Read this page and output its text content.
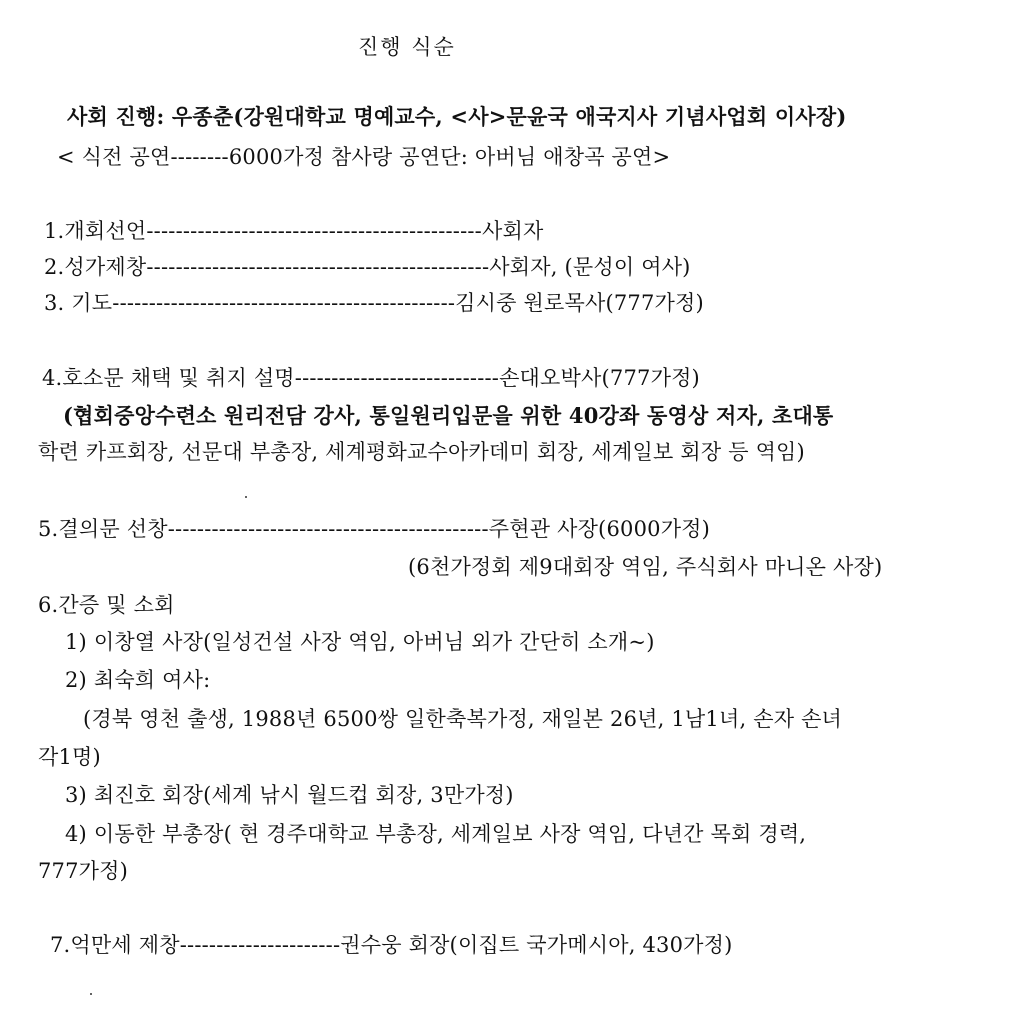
진행 식순
사회 진행: 우종춘(강원대학교 명예교수, <사>문윤국 애국지사 기념사업회 이사장)
< 식전 공연--------6000가정 참사랑 공연단: 아버님 애창곡 공연>
1.개회선언----------------------------------------------사회자
2.성가제창-----------------------------------------------사회자, (문성이 여사)
3. 기도-----------------------------------------------김시중 원로목사(777가정)
4.호소문 채택 및 취지 설명----------------------------손대오박사(777가정)
(협회중앙수련소 원리전담 강사, 통일원리입문을 위한 40강좌 동영상 저자, 초대통
학련 카프회장, 선문대 부총장, 세계평화교수아카데미 회장, 세계일보 회장 등 역임)
5.결의문 선창--------------------------------------------주현관 사장(6000가정)
(6천가정회 제9대회장 역임, 주식회사 마니온 사장)
6.간증 및 소회
1) 이창열 사장(일성건설 사장 역임, 아버님 외가 간단히 소개~)
2) 최숙희 여사:
(경북 영천 출생, 1988년 6500쌍 일한축복가정, 재일본 26년, 1남1녀, 손자 손녀
각1명)
3) 최진호 회장(세계 낚시 월드컵 회장, 3만가정)
4) 이동한 부총장( 현 경주대학교 부총장, 세계일보 사장 역임, 다년간 목회 경력,
777가정)
7.억만세 제창----------------------권수웅 회장(이집트 국가메시아, 430가정)
